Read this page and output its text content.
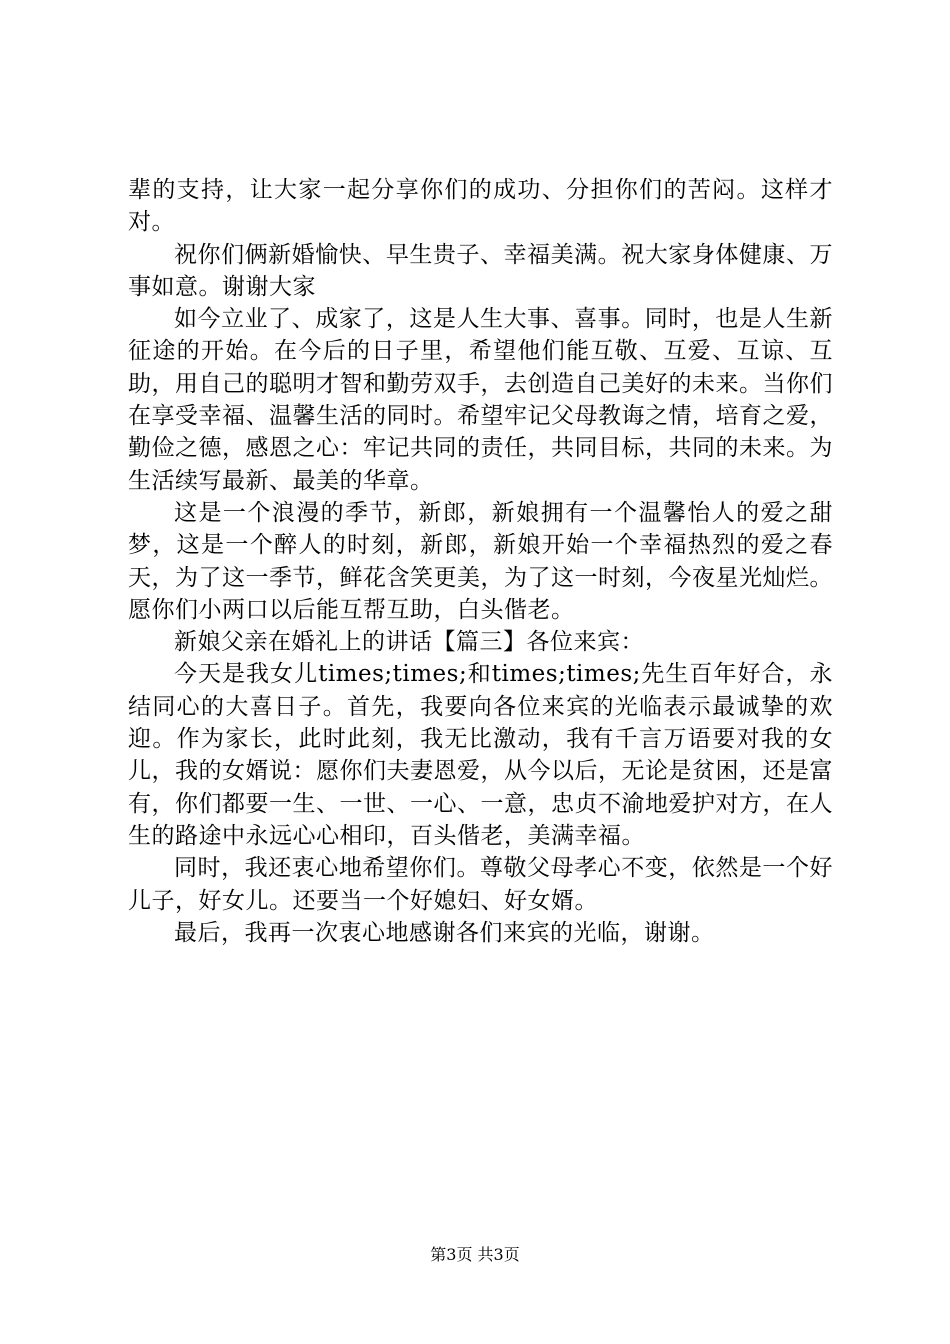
辈的支持，让大家一起分享你们的成功、分担你们的苦闷。这样才对。

祝你们俩新婚愉快、早生贵子、幸福美满。祝大家身体健康、万事如意。谢谢大家

如今立业了、成家了，这是人生大事、喜事。同时，也是人生新征途的开始。在今后的日子里，希望他们能互敬、互爱、互谅、互助，用自己的聪明才智和勤劳双手，去创造自己美好的未来。当你们在享受幸福、温馨生活的同时。希望牢记父母教诲之情，培育之爱，勤俭之德，感恩之心：牢记共同的责任，共同目标，共同的未来。为生活续写最新、最美的华章。

这是一个浪漫的季节，新郎，新娘拥有一个温馨怡人的爱之甜梦，这是一个醉人的时刻，新郎，新娘开始一个幸福热烈的爱之春天，为了这一季节，鲜花含笑更美，为了这一时刻，今夜星光灿烂。愿你们小两口以后能互帮互助，白头偕老。

新娘父亲在婚礼上的讲话【篇三】各位来宾：

今天是我女儿times;times;和times;times;先生百年好合，永结同心的大喜日子。首先，我要向各位来宾的光临表示最诚挚的欢迎。作为家长，此时此刻，我无比激动，我有千言万语要对我的女儿，我的女婿说：愿你们夫妻恩爱，从今以后，无论是贫困，还是富有，你们都要一生、一世、一心、一意，忠贞不渝地爱护对方，在人生的路途中永远心心相印，百头偕老，美满幸福。

同时，我还衷心地希望你们。尊敬父母孝心不变，依然是一个好儿子，好女儿。还要当一个好媳妇、好女婿。

最后，我再一次衷心地感谢各们来宾的光临，谢谢。

第3页 共3页
